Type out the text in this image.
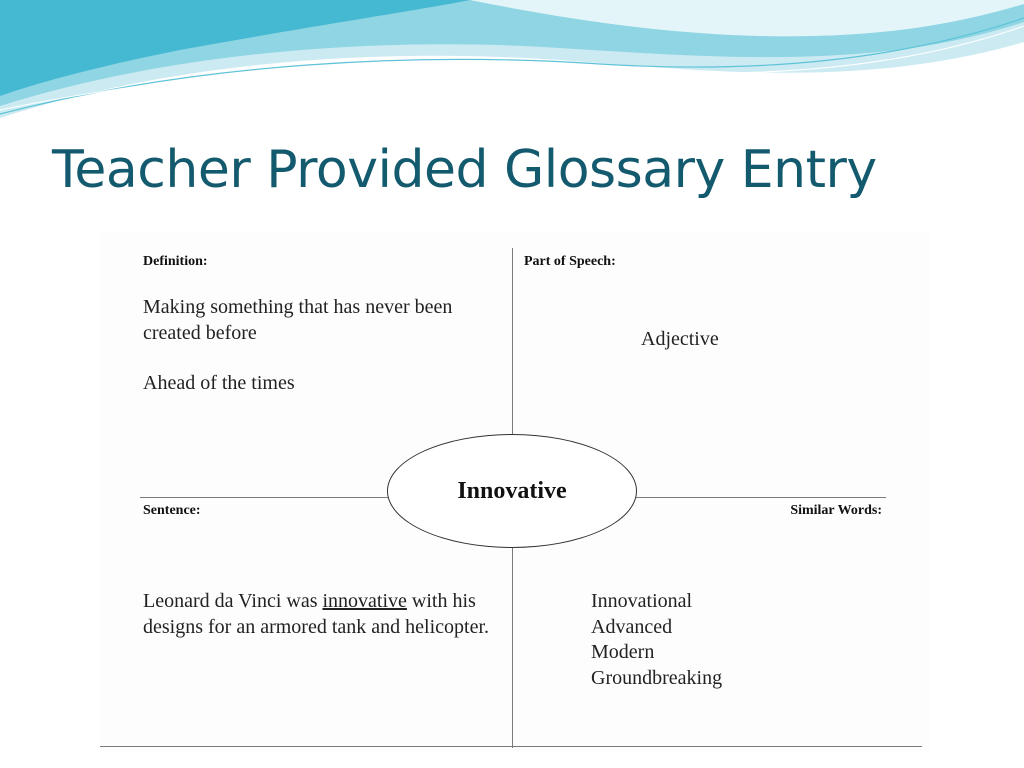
Teacher Provided Glossary Entry
Definition:

Making something that has never been created before

Ahead of the times

Part of Speech:
Adjective
Innovative
Sentence:
Leonard da Vinci was innovative with his designs for an armored tank and helicopter.
Similar Words:

Innovational

Advanced

Modern

Groundbreaking
